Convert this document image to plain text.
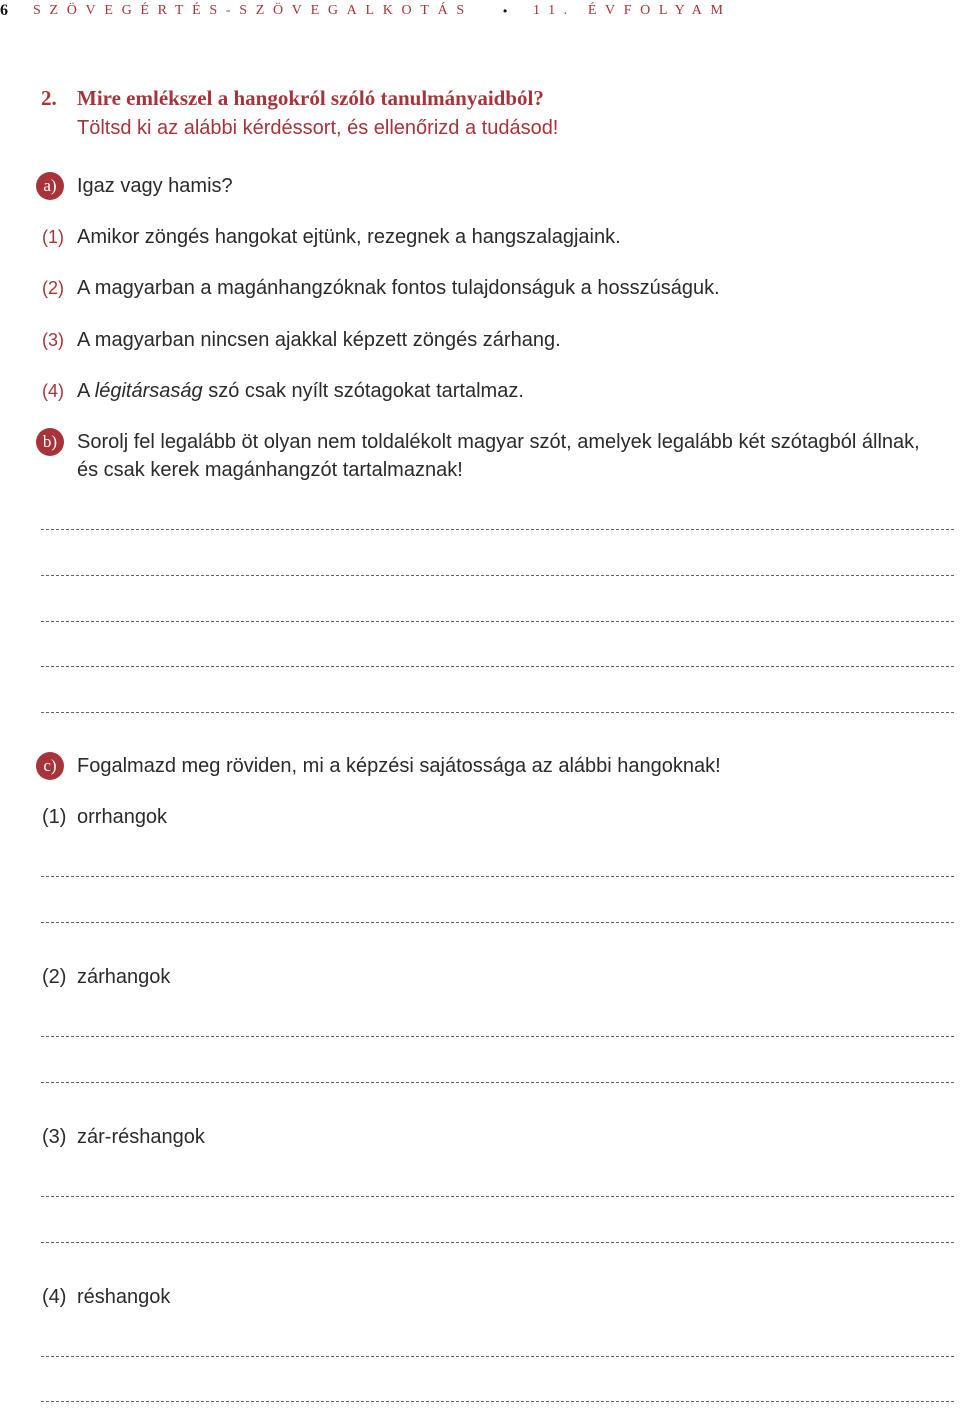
6 SZÖVEGÉRTÉS-SZÖVEGALKOTÁS	• 11. ÉVFOLYAM
2. Mire emlékszel a hangokról szóló tanulmányaidból?
Töltsd ki az alábbi kérdéssort, és ellenőrizd a tudásod!
a)	Igaz vagy hamis?
(1) Amikor zöngés hangokat ejtünk, rezegnek a hangszalagjaink.
(2) A magyarban a magánhangzóknak fontos tulajdonságuk a hosszúságuk.
(3) A magyarban nincsen ajakkal képzett zöngés zárhang.
(4) A légitársaság szó csak nyílt szótagokat tartalmaz.
b) Sorolj fel legalább öt olyan nem toldalékolt magyar szót, amelyek legalább két szótagból állnak,
és csak kerek magánhangzót tartalmaznak!
c)	Fogalmazd meg röviden, mi a képzési sajátossága az alábbi hangoknak!
(1) orrhangok
(2) zárhangok
(3) zár-réshangok
(4) réshangok
